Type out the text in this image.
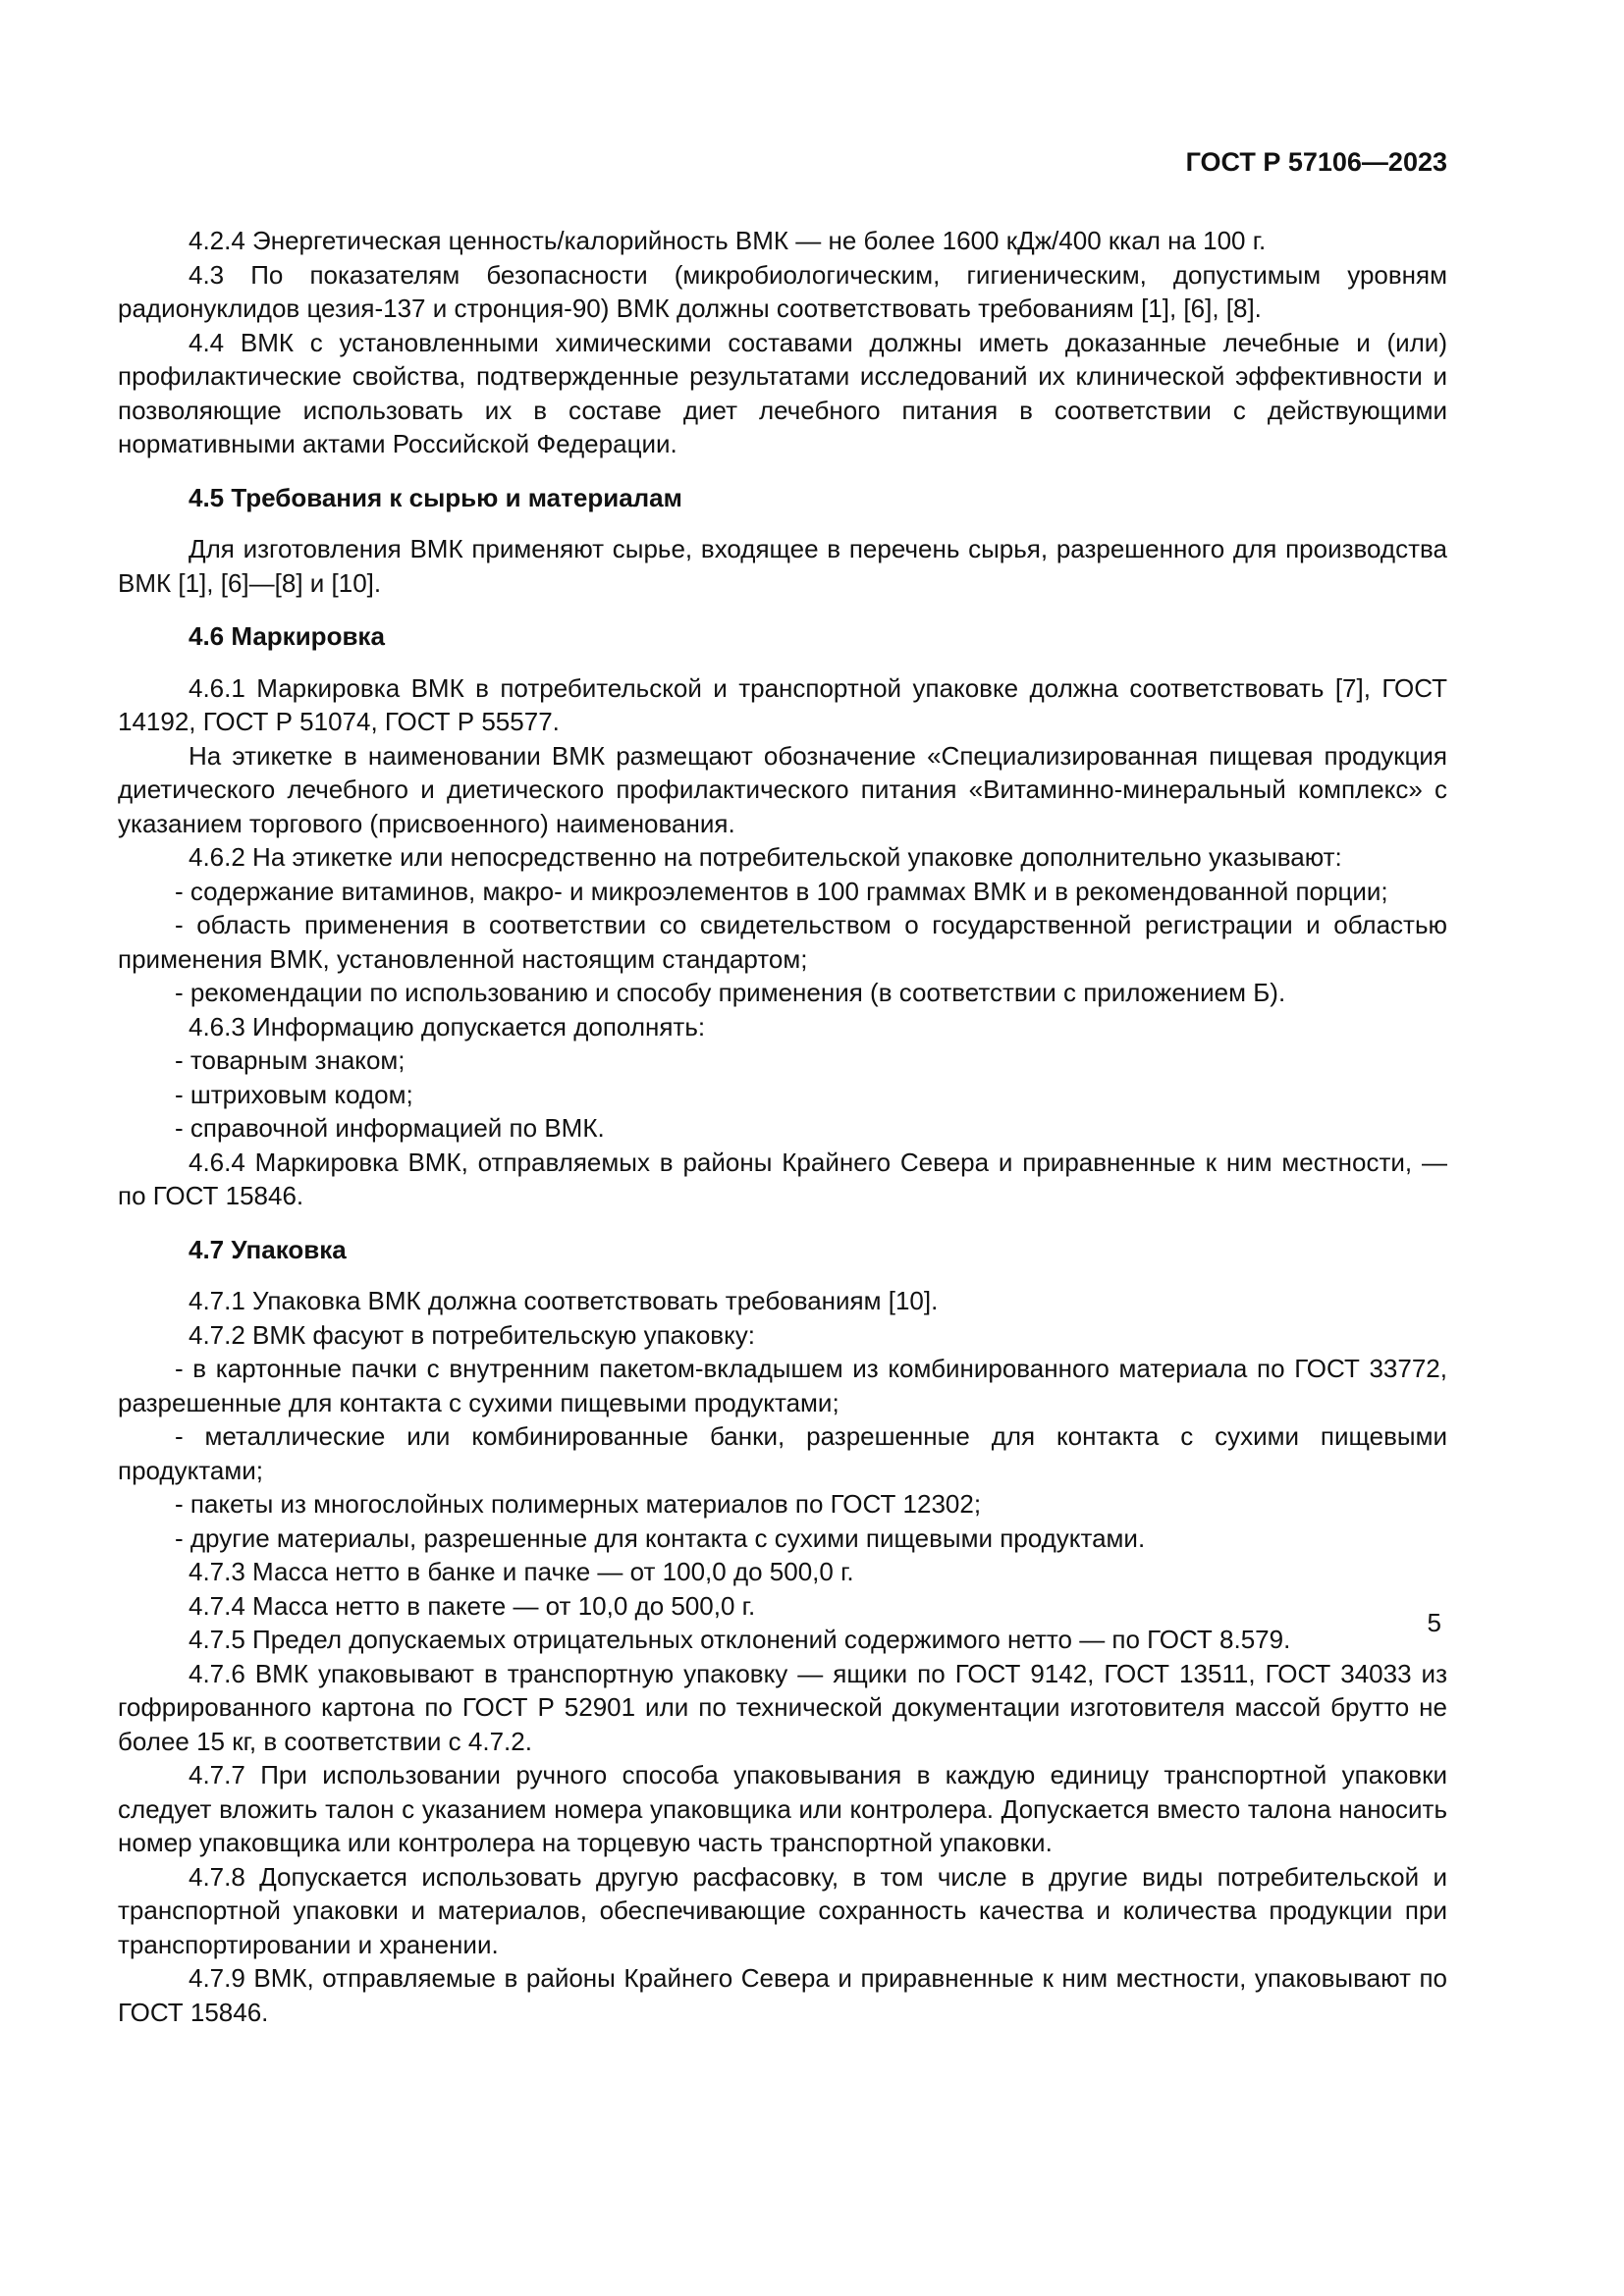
ГОСТ Р 57106—2023

4.2.4 Энергетическая ценность/калорийность ВМК — не более 1600 кДж/400 ккал на 100 г.

4.3 По показателям безопасности (микробиологическим, гигиеническим, допустимым уровням радионуклидов цезия-137 и стронция-90) ВМК должны соответствовать требованиям [1], [6], [8].

4.4 ВМК с установленными химическими составами должны иметь доказанные лечебные и (или) профилактические свойства, подтвержденные результатами исследований их клинической эффективности и позволяющие использовать их в составе диет лечебного питания в соответствии с действующими нормативными актами Российской Федерации.

4.5 Требования к сырью и материалам

Для изготовления ВМК применяют сырье, входящее в перечень сырья, разрешенного для производства ВМК [1], [6]—[8] и [10].

4.6 Маркировка

4.6.1 Маркировка ВМК в потребительской и транспортной упаковке должна соответствовать [7], ГОСТ 14192, ГОСТ Р 51074, ГОСТ Р 55577.

На этикетке в наименовании ВМК размещают обозначение «Специализированная пищевая продукция диетического лечебного и диетического профилактического питания «Витаминно-минеральный комплекс» с указанием торгового (присвоенного) наименования.

4.6.2 На этикетке или непосредственно на потребительской упаковке дополнительно указывают:

- содержание витаминов, макро- и микроэлементов в 100 граммах ВМК и в рекомендованной порции;

- область применения в соответствии со свидетельством о государственной регистрации и областью применения ВМК, установленной настоящим стандартом;

- рекомендации по использованию и способу применения (в соответствии с приложением Б).

4.6.3 Информацию допускается дополнять:

- товарным знаком;

- штриховым кодом;

- справочной информацией по ВМК.

4.6.4 Маркировка ВМК, отправляемых в районы Крайнего Севера и приравненные к ним местности, — по ГОСТ 15846.

4.7 Упаковка

4.7.1 Упаковка ВМК должна соответствовать требованиям [10].

4.7.2 ВМК фасуют в потребительскую упаковку:

- в картонные пачки с внутренним пакетом-вкладышем из комбинированного материала по ГОСТ 33772, разрешенные для контакта с сухими пищевыми продуктами;

- металлические или комбинированные банки, разрешенные для контакта с сухими пищевыми продуктами;

- пакеты из многослойных полимерных материалов по ГОСТ 12302;

- другие материалы, разрешенные для контакта с сухими пищевыми продуктами.

4.7.3 Масса нетто в банке и пачке — от 100,0 до 500,0 г.

4.7.4 Масса нетто в пакете — от 10,0 до 500,0 г.

4.7.5 Предел допускаемых отрицательных отклонений содержимого нетто — по ГОСТ 8.579.

4.7.6 ВМК упаковывают в транспортную упаковку — ящики по ГОСТ 9142, ГОСТ 13511, ГОСТ 34033 из гофрированного картона по ГОСТ Р 52901 или по технической документации изготовителя массой брутто не более 15 кг, в соответствии с 4.7.2.

4.7.7 При использовании ручного способа упаковывания в каждую единицу транспортной упаковки следует вложить талон с указанием номера упаковщика или контролера. Допускается вместо талона наносить номер упаковщика или контролера на торцевую часть транспортной упаковки.

4.7.8 Допускается использовать другую расфасовку, в том числе в другие виды потребительской и транспортной упаковки и материалов, обеспечивающие сохранность качества и количества продукции при транспортировании и хранении.

4.7.9 ВМК, отправляемые в районы Крайнего Севера и приравненные к ним местности, упаковывают по ГОСТ 15846.

5
